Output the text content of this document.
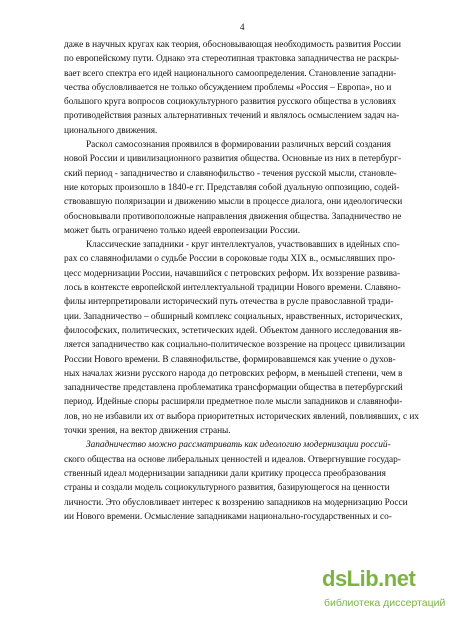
4
даже в научных кругах как теория, обосновывающая необходимость развития России
по европейскому пути. Однако эта стереотипная трактовка западничества не раскры-
вает всего спектра его идей национального самоопределения. Становление западни-
чества обусловливается не только обсуждением проблемы «Россия – Европа», но и
большого круга вопросов социокультурного развития русского общества в условиях
противодействия разных альтернативных течений и являлось осмыслением задач на-
ционального движения.
Раскол самосознания проявился в формировании различных версий создания
новой России и цивилизационного развития общества. Основные из них в петербург-
ский период - западничество и славянофильство - течения русской мысли, становле-
ние которых произошло в 1840-е гг. Представляя собой дуальную оппозицию, содей-
ствовавшую поляризации и движению мысли в процессе диалога, они идеологически
обосновывали противоположные направления движения общества. Западничество не
может быть ограничено только идеей европеизации России.
Классические западники - круг интеллектуалов, участвовавших в идейных спо-
рах со славянофилами о судьбе России в сороковые годы XIX в., осмыслявших про-
цесс модернизации России, начавшийся с петровских реформ. Их воззрение развива-
лось в контексте европейской интеллектуальной традиции Нового времени. Славяно-
филы интерпретировали исторический путь отечества в русле православной тради-
ции. Западничество – обширный комплекс социальных, нравственных, исторических,
философских, политических, эстетических идей. Объектом данного исследования яв-
ляется западничество как социально-политическое воззрение на процесс цивилизации
России Нового времени. В славянофильстве, формировавшемся как учение о духов-
ных началах жизни русского народа до петровских реформ, в меньшей степени, чем в
западничестве представлена проблематика трансформации общества в петербургский
период. Идейные споры расширяли предметное поле мысли западников и славянофи-
лов, но не избавили их от выбора приоритетных исторических явлений, повлиявших, с их
точки зрения, на вектор движения страны.
Западничество можно рассматривать как идеологию модернизации россий-
ского общества на основе либеральных ценностей и идеалов. Отвергнувшие государ-
ственный идеал модернизации западники дали критику процесса преобразования
страны и создали модель социокультурного развития, базирующегося на ценности
личности. Это обусловливает интерес к воззрению западников на модернизацию Росси
ии Нового времени. Осмысление западниками национально-государственных и со-
dsLib.net
библиотека диссертаций
